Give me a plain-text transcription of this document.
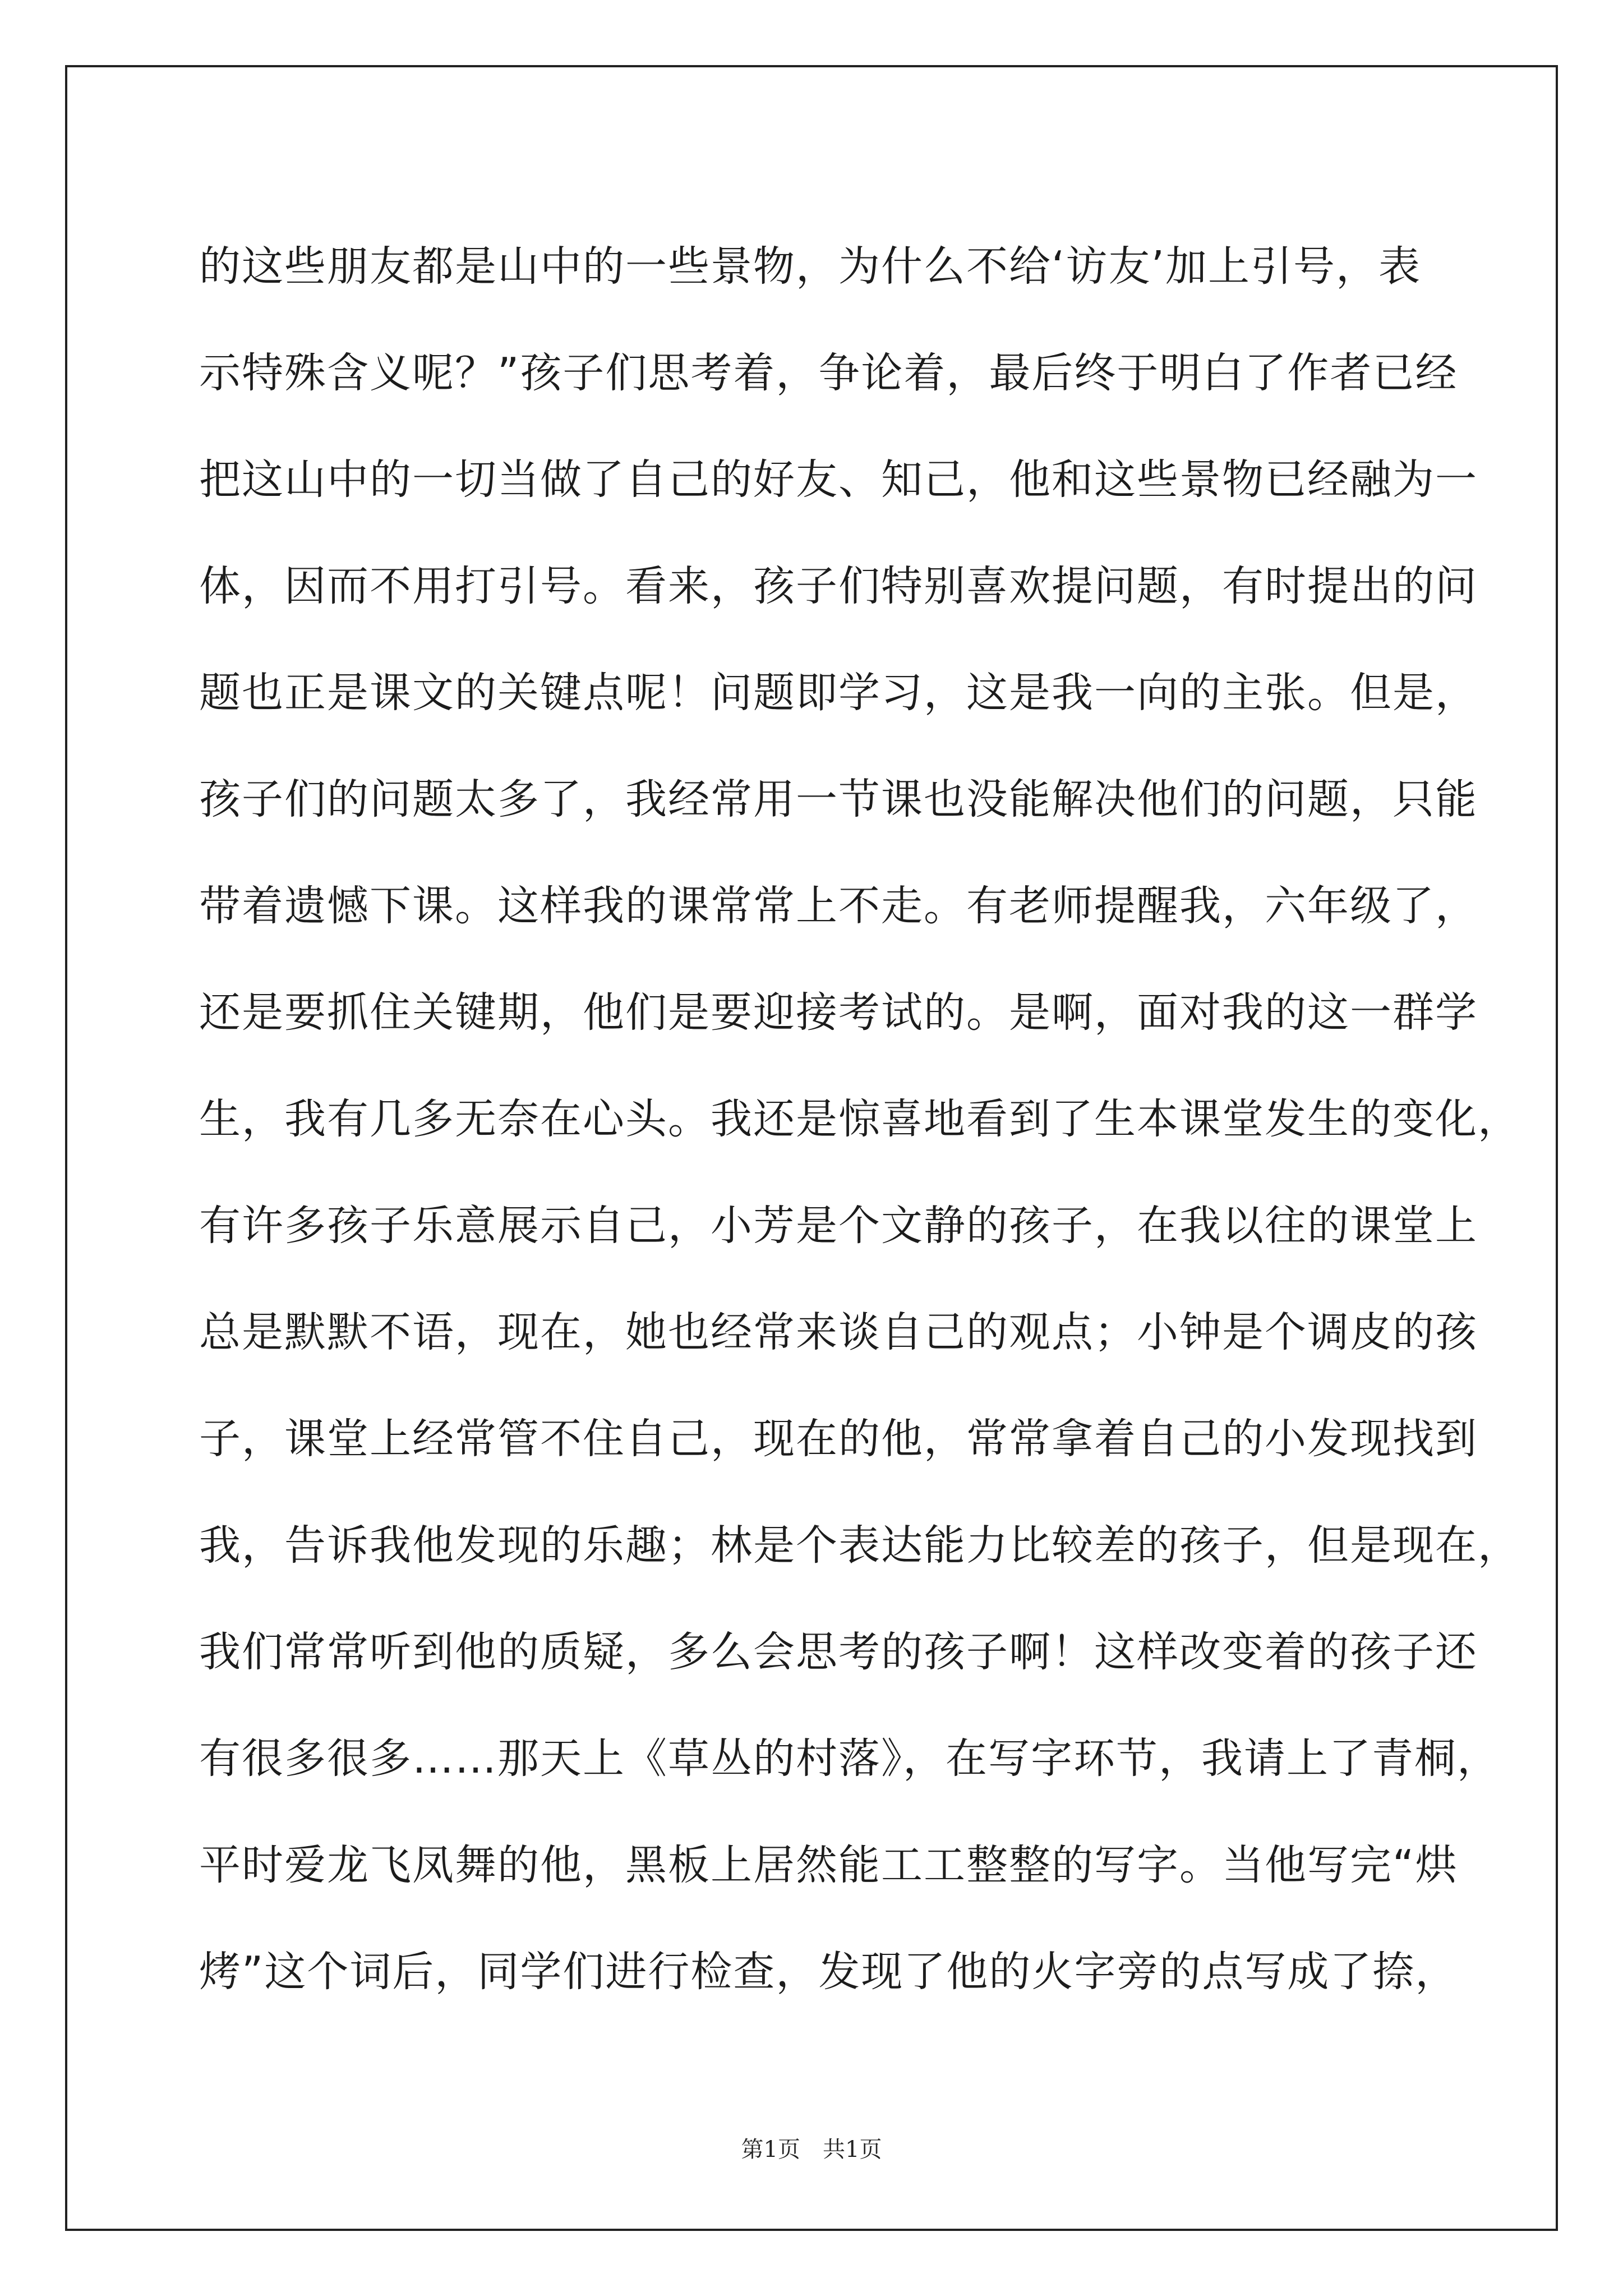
的这些朋友都是山中的一些景物，为什么不给‘访友’加上引号，表
示特殊含义呢？”孩子们思考着，争论着，最后终于明白了作者已经
把这山中的一切当做了自己的好友、知己，他和这些景物已经融为一
体，因而不用打引号。看来，孩子们特别喜欢提问题，有时提出的问
题也正是课文的关键点呢！问题即学习，这是我一向的主张。但是，
孩子们的问题太多了，我经常用一节课也没能解决他们的问题，只能
带着遗憾下课。这样我的课常常上不走。有老师提醒我，六年级了，
还是要抓住关键期，他们是要迎接考试的。是啊，面对我的这一群学
生，我有几多无奈在心头。我还是惊喜地看到了生本课堂发生的变化，
有许多孩子乐意展示自己，小芳是个文静的孩子，在我以往的课堂上
总是默默不语，现在，她也经常来谈自己的观点；小钟是个调皮的孩
子，课堂上经常管不住自己，现在的他，常常拿着自己的小发现找到
我，告诉我他发现的乐趣；林是个表达能力比较差的孩子，但是现在，
我们常常听到他的质疑，多么会思考的孩子啊！这样改变着的孩子还
有很多很多……那天上《草丛的村落》，在写字环节，我请上了青桐，
平时爱龙飞凤舞的他，黑板上居然能工工整整的写字。当他写完“烘
烤”这个词后，同学们进行检查，发现了他的火字旁的点写成了捺，
第1页　共1页
